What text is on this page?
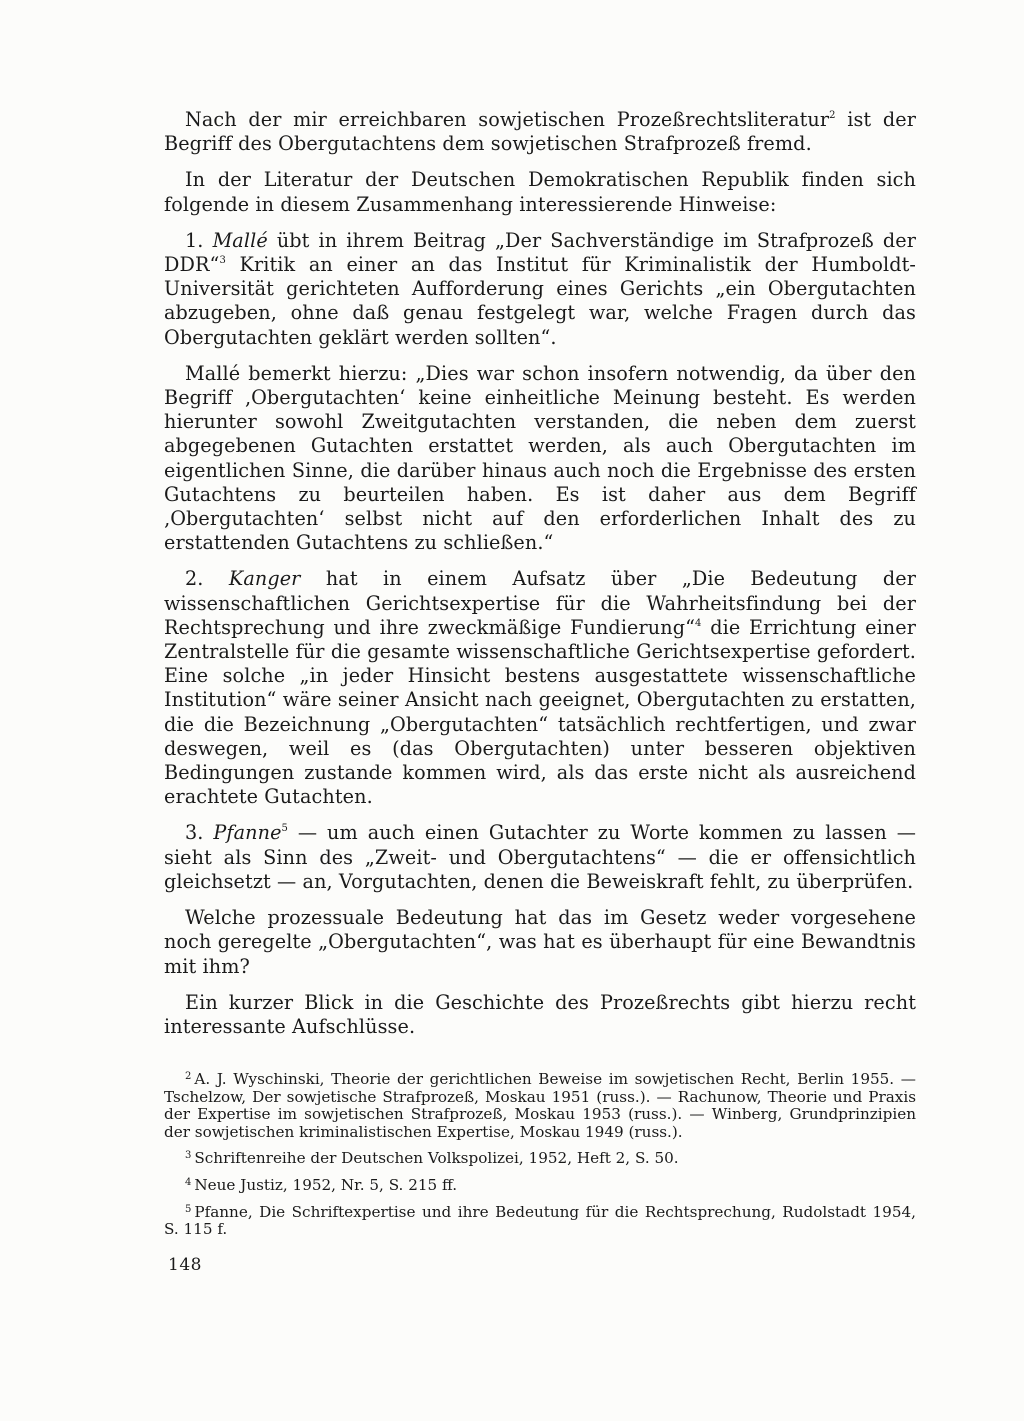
Nach der mir erreichbaren sowjetischen Prozeßrechtsliteratur$^2$ ist der Begriff des Obergutachtens dem sowjetischen Strafprozeß fremd.

In der Literatur der Deutschen Demokratischen Republik finden sich folgende in diesem Zusammenhang interessierende Hinweise:

1. Mallé übt in ihrem Beitrag „Der Sachverständige im Strafprozeß der DDR“$^3$ Kritik an einer an das Institut für Kriminalistik der Humboldt-Universität gerichteten Aufforderung eines Gerichts „ein Obergutachten abzugeben, ohne daß genau festgelegt war, welche Fragen durch das Obergutachten geklärt werden sollten“.

Mallé bemerkt hierzu: „Dies war schon insofern notwendig, da über den Begriff ‚Obergutachten‘ keine einheitliche Meinung besteht. Es werden hierunter sowohl Zweitgutachten verstanden, die neben dem zuerst abgegebenen Gutachten erstattet werden, als auch Obergutachten im eigentlichen Sinne, die darüber hinaus auch noch die Ergebnisse des ersten Gutachtens zu beurteilen haben. Es ist daher aus dem Begriff ‚Obergutachten‘ selbst nicht auf den erforderlichen Inhalt des zu erstattenden Gutachtens zu schließen.“

2. Kanger hat in einem Aufsatz über „Die Bedeutung der wissenschaftlichen Gerichtsexpertise für die Wahrheitsfindung bei der Rechtsprechung und ihre zweckmäßige Fundierung“$^4$ die Errichtung einer Zentralstelle für die gesamte wissenschaftliche Gerichtsexpertise gefordert. Eine solche „in jeder Hinsicht bestens ausgestattete wissenschaftliche Institution“ wäre seiner Ansicht nach geeignet, Obergutachten zu erstatten, die die Bezeichnung „Obergutachten“ tatsächlich rechtfertigen, und zwar deswegen, weil es (das Obergutachten) unter besseren objektiven Bedingungen zustande kommen wird, als das erste nicht als ausreichend erachtete Gutachten.

3. Pfanne$^5$ — um auch einen Gutachter zu Worte kommen zu lassen — sieht als Sinn des „Zweit- und Obergutachtens“ — die er offensichtlich gleichsetzt — an, Vorgutachten, denen die Beweiskraft fehlt, zu überprüfen.

Welche prozessuale Bedeutung hat das im Gesetz weder vorgesehene noch geregelte „Obergutachten“, was hat es überhaupt für eine Bewandtnis mit ihm?

Ein kurzer Blick in die Geschichte des Prozeßrechts gibt hierzu recht interessante Aufschlüsse.

$^2$ A. J. Wyschinski, Theorie der gerichtlichen Beweise im sowjetischen Recht, Berlin 1955. — Tschelzow, Der sowjetische Strafprozeß, Moskau 1951 (russ.). — Rachunow, Theorie und Praxis der Expertise im sowjetischen Strafprozeß, Moskau 1953 (russ.). — Winberg, Grundprinzipien der sowjetischen kriminalistischen Expertise, Moskau 1949 (russ.).

$^3$ Schriftenreihe der Deutschen Volkspolizei, 1952, Heft 2, S. 50.

$^4$ Neue Justiz, 1952, Nr. 5, S. 215 ff.

$^5$ Pfanne, Die Schriftexpertise und ihre Bedeutung für die Rechtsprechung, Rudolstadt 1954, S. 115 f.

148
